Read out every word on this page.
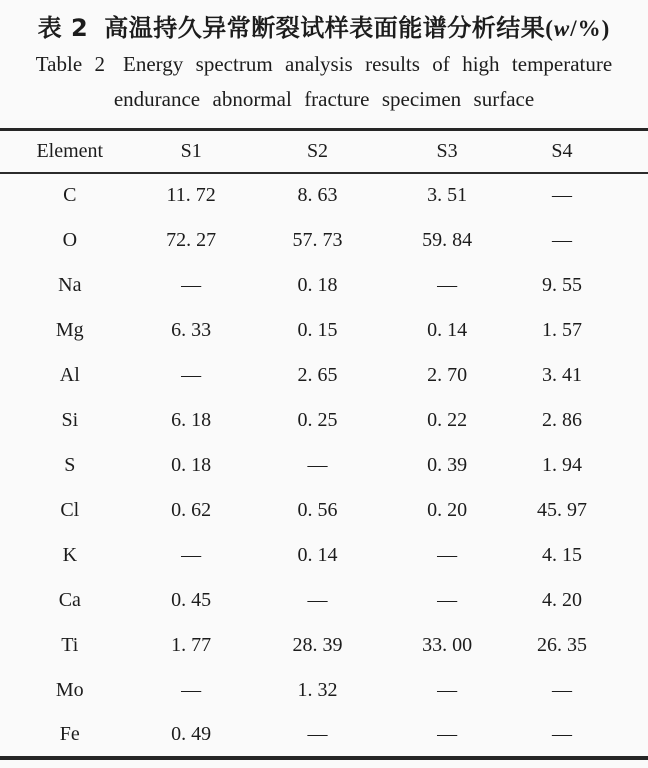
表 2 高温持久异常断裂试样表面能谱分析结果(w/%)
Table 2 Energy spectrum analysis results of high temperature
endurance abnormal fracture specimen surface
Element	S1	S2	S3	S4
C	11. 72	8. 63	3. 51	—
O	72. 27	57. 73	59. 84	—
Na	—	0. 18	—	9. 55
Mg	6. 33	0. 15	0. 14	1. 57
Al	—	2. 65	2. 70	3. 41
Si	6. 18	0. 25	0. 22	2. 86
S	0. 18	—	0. 39	1. 94
Cl	0. 62	0. 56	0. 20	45. 97
K	—	0. 14	—	4. 15
Ca	0. 45	—	—	4. 20
Ti	1. 77	28. 39	33. 00	26. 35
Mo	—	1. 32	—	—
Fe	0. 49	—	—	—
